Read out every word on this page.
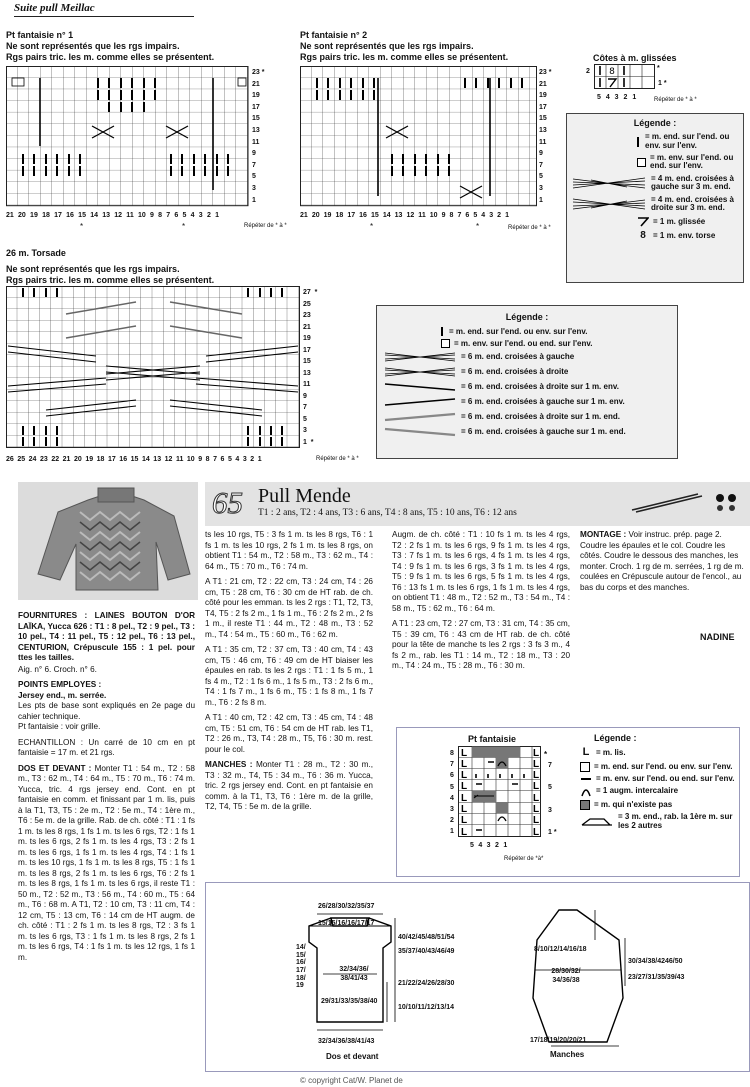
Suite pull Meillac

Pt fantaisie n° 1
Ne sont représentés que les rgs impairs.
Rgs pairs tric. les m. comme elles se présentent.
23 *
21
19
17
15
13
11
9
7
5
3
1
21 20 19 18 17 16 15 14 13 12 11 10 9 8 7 6 5 4 3 2 1
Répéter de * à *
*	*
Pt fantaisie n° 2
Ne sont représentés que les rgs impairs.
Rgs pairs tric. les m. comme elles se présentent.
23 *
21
19
17
15
13
11
9
7
5
3
1
21 20 19 18 17 16 15 14 13 12 11 10 9 8 7 6 5 4 3 2 1
Répéter de * à *
*	*
Côtes à m. glissées
2 8	*
1 *
5 4 3 2 1	Répéter de * à *
Légende :
= m. end. sur l'end. ou env. sur l'env.
= m. env. sur l'end. ou end. sur l'env.
= 4 m. end. croisées à gauche sur 3 m. end.
= 4 m. end. croisées à droite sur 3 m. end.
= 1 m. glissée
8 = 1 m. env. torse
26 m. Torsade
Ne sont représentés que les rgs impairs.
Rgs pairs tric. les m. comme elles se présentent.
27  *
25
23
21
19
17
15
13
11
9
7
5
3
1  *
26 25 24 23 22 21 20 19 18 17 16 15 14 13 12 11 10 9 8 7 6 5 4 3 2 1	Répéter de * à *
Légende :
= m. end. sur l'end. ou env. sur l'env.
= m. env. sur l'end. ou end. sur l'env.
= 6 m. end. croisées à gauche
= 6 m. end. croisées à droite
= 6 m. end. croisées à droite sur 1 m. env.
= 6 m. end. croisées à gauche sur 1 m. env.
= 6 m. end. croisées à droite sur 1 m. end.
= 6 m. end. croisées à gauche sur 1 m. end.
65 Pull Mende
T1 : 2 ans, T2 : 4 ans, T3 : 6 ans, T4 : 8 ans, T5 : 10 ans, T6 : 12 ans

FOURNITURES : LAINES BOUTON D'OR LAÏKA, Yucca 626 : T1 : 8 pel., T2 : 9 pel., T3 : 10 pel., T4 : 11 pel., T5 : 12 pel., T6 : 13 pel., CENTURION, Crépuscule 155 : 1 pel. pour ttes les tailles.

Aig. n° 6. Croch. n° 6.

POINTS EMPLOYES :

Jersey end., m. serrée.

Les pts de base sont expliqués en 2e page du cahier technique.

Pt fantaisie : voir grille.

ECHANTILLON : Un carré de 10 cm en pt fantaisie = 17 m. et 21 rgs.

DOS ET DEVANT : Monter T1 : 54 m., T2 : 58 m., T3 : 62 m., T4 : 64 m., T5 : 70 m., T6 : 74 m. Yucca, tric. 4 rgs jersey end. Cont. en pt fantaisie en comm. et finissant par 1 m. lis, puis à la T1, T3, T5 : 2e m., T2 : 5e m., T4 : 1ère m., T6 : 5e m. de la grille. Rab. de ch. côté : T1 : 1 fs 1 m. ts les 8 rgs, 1 fs 1 m. ts les 6 rgs, T2 : 1 fs 1 m. ts les 6 rgs, 2 fs 1 m. ts les 4 rgs, T3 : 2 fs 1 m. ts les 6 rgs, 1 fs 1 m. ts les 4 rgs, T4 : 1 fs 1 m. ts les 10 rgs, 1 fs 1 m. ts les 8 rgs, T5 : 1 fs 1 m. ts les 8 rgs, 2 fs 1 m. ts les 6 rgs, T6 : 2 fs 1 m. ts les 8 rgs, 1 fs 1 m. ts les 6 rgs, il reste T1 : 50 m., T2 : 52 m., T3 : 56 m., T4 : 60 m., T5 : 64 m., T6 : 68 m. A T1, T2 : 10 cm, T3 : 11 cm, T4 : 12 cm, T5 : 13 cm, T6 : 14 cm de HT augm. de ch. côté : T1 : 2 fs 1 m. ts les 8 rgs, T2 : 3 fs 1 m. ts les 6 rgs, T3 : 1 fs 1 m. ts les 8 rgs, 2 fs 1 m. ts les 6 rgs, T4 : 1 fs 1 m. ts les 12 rgs, 1 fs 1 m.

ts les 10 rgs, T5 : 3 fs 1 m. ts les 8 rgs, T6 : 1 fs 1 m. ts les 10 rgs, 2 fs 1 m. ts les 8 rgs, on obtient T1 : 54 m., T2 : 58 m., T3 : 62 m., T4 : 64 m., T5 : 70 m., T6 : 74 m.

A T1 : 21 cm, T2 : 22 cm, T3 : 24 cm, T4 : 26 cm, T5 : 28 cm, T6 : 30 cm de HT rab. de ch. côté pour les emman. ts les 2 rgs : T1, T2, T3, T4, T5 : 2 fs 2 m., 1 fs 1 m., T6 : 2 fs 2 m., 2 fs 1 m., il reste T1 : 44 m., T2 : 48 m., T3 : 52 m., T4 : 54 m., T5 : 60 m., T6 : 62 m.

A T1 : 35 cm, T2 : 37 cm, T3 : 40 cm, T4 : 43 cm, T5 : 46 cm, T6 : 49 cm de HT biaiser les épaules en rab. ts les 2 rgs : T1 : 1 fs 5 m., 1 fs 4 m., T2 : 1 fs 6 m., 1 fs 5 m., T3 : 2 fs 6 m., T4 : 1 fs 7 m., 1 fs 6 m., T5 : 1 fs 8 m., 1 fs 7 m., T6 : 2 fs 8 m.

A T1 : 40 cm, T2 : 42 cm, T3 : 45 cm, T4 : 48 cm, T5 : 51 cm, T6 : 54 cm de HT rab. les T1, T2 : 26 m., T3, T4 : 28 m., T5, T6 : 30 m. rest. pour le col.

MANCHES : Monter T1 : 28 m., T2 : 30 m., T3 : 32 m., T4, T5 : 34 m., T6 : 36 m. Yucca, tric. 2 rgs jersey end. Cont. en pt fantaisie en comm. à la T1, T3, T6 : 1ère m. de la grille, T2, T4, T5 : 5e m. de la grille.

Augm. de ch. côté : T1 : 10 fs 1 m. ts les 4 rgs, T2 : 2 fs 1 m. ts les 6 rgs, 9 fs 1 m. ts les 4 rgs, T3 : 7 fs 1 m. ts les 6 rgs, 4 fs 1 m. ts les 4 rgs, T4 : 9 fs 1 m. ts les 6 rgs, 3 fs 1 m. ts les 4 rgs, T5 : 9 fs 1 m. ts les 6 rgs, 5 fs 1 m. ts les 4 rgs, T6 : 13 fs 1 m. ts les 6 rgs, 1 fs 1 m. ts les 4 rgs, on obtient T1 : 48 m., T2 : 52 m., T3 : 54 m., T4 : 58 m., T5 : 62 m., T6 : 64 m.

A T1 : 23 cm, T2 : 27 cm, T3 : 31 cm, T4 : 35 cm, T5 : 39 cm, T6 : 43 cm de HT rab. de ch. côté pour la tête de manche ts les 2 rgs : 3 fs 3 m., 4 fs 2 m., rab. les T1 : 14 m., T2 : 18 m., T3 : 20 m., T4 : 24 m., T5 : 28 m., T6 : 30 m.

MONTAGE : Voir instruc. prép. page 2. Coudre les épaules et le col. Coudre les côtés. Coudre le dessous des manches, les monter. Croch. 1 rg de m. serrées, 1 rg de m. coulées en Crépuscule autour de l'encol., au bas du corps et des manches.

NADINE
Pt fantaisie
8
7
6
5
4
3
2
1
L
L
L
L
L
L
L
L
L
L
L
L
L
L
L
L
*
7

5

3

1 *
5 4 3 2 1
Répéter de *à*
Légende :
L = m. lis.
= m. end. sur l'end. ou env. sur l'env.
= m. env. sur l'end. ou end. sur l'env.
= 1 augm. intercalaire
= m. qui n'existe pas
= 3 m. end., rab. la 1ère m. sur les 2 autres
26/28/30/32/35/37
15/15/16/16/17/17
40/42/45/48/51/54
35/37/40/43/46/49
14/ 15/ 16/ 17/ 18/ 19
32/34/36/ 38/41/43
21/22/24/26/28/30
29/31/33/35/38/40
10/10/11/12/13/14
32/34/36/38/41/43
Dos et devant
8/10/12/14/16/18
30/34/38/4246/50
28/30/32/ 34/36/38	23/27/31/35/39/43
17/18/19/20/20/21
Manches
© copyright Cat/W. Planet de
